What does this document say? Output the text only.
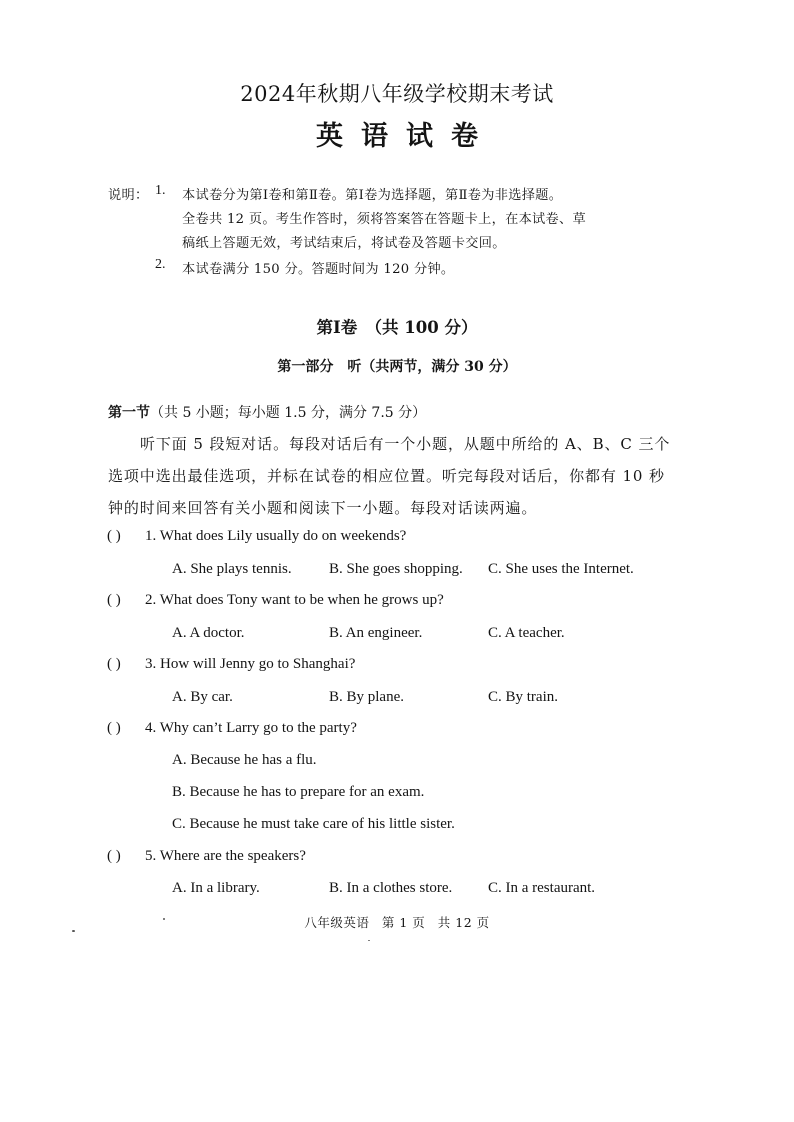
2024年秋期八年级学校期末考试
英语试卷
说明： 1. 本试卷分为第Ⅰ卷和第Ⅱ卷。第Ⅰ卷为选择题，第Ⅱ卷为非选择题。
全卷共 12 页。考生作答时，须将答案答在答题卡上，在本试卷、草
稿纸上答题无效，考试结束后，将试卷及答题卡交回。
2. 本试卷满分 150 分。答题时间为 120 分钟。
第Ⅰ卷　（共 100 分）
第一部分　听（共两节，满分 30 分）
第一节（共 5 小题；每小题 1.5 分，满分 7.5 分）
听下面 5 段短对话。每段对话后有一个小题，从题中所给的 A、B、C 三个
选项中选出最佳选项，并标在试卷的相应位置。听完每段对话后，你都有 10 秒
钟的时间来回答有关小题和阅读下一小题。每段对话读两遍。
( ) 1. What does Lily usually do on weekends?
A. She plays tennis. B. She goes shopping. C. She uses the Internet.
( ) 2. What does Tony want to be when he grows up?
A. A doctor.	B. An engineer.	C. A teacher.
( ) 3. How will Jenny go to Shanghai?
A. By car.	B. By plane.	C. By train.
( ) 4. Why can’t Larry go to the party?
A. Because he has a flu.
B. Because he has to prepare for an exam.
C. Because he must take care of his little sister.
( ) 5. Where are the speakers?
A. In a library.	B. In a clothes store. C. In a restaurant.
八年级英语 第 1 页 共 12 页
